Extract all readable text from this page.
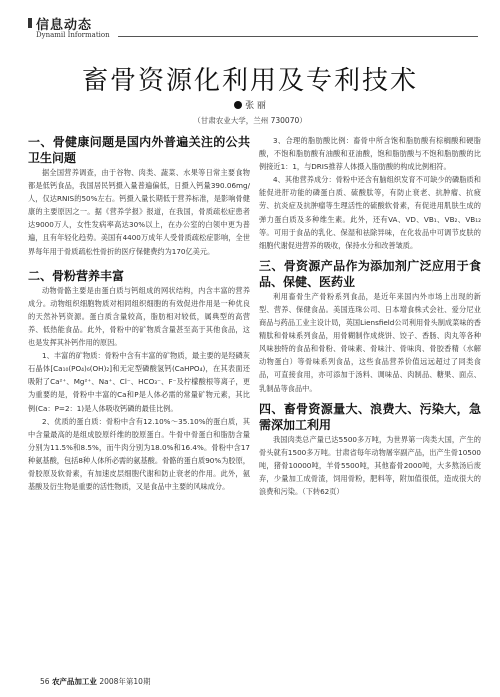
信息动态
Dynamil Information
畜骨资源化利用及专利技术
张 丽
（甘肃农业大学，兰州 730070）

一、骨健康问题是国内外普遍关注的公共卫生问题

据全国营养调查，由于谷物、肉类、蔬菜、水果等日常主要食物都是低钙食品，我国居民钙摄入量普遍偏低，日摄入钙量390.06mg/人，仅达RNIS的50%左右。钙摄入量长期低于营养标准，是影响骨健康的主要原因之一。据《营养学报》报道，在我国，骨质疏松症患者达9000万人，女性发病率高达30%以上，在办公室的白领中更为普遍，且有年轻化趋势。美国有4400万成年人受骨质疏松症影响，全世界每年用于骨质疏松性骨折的医疗保健费约为170亿美元。

二、骨粉营养丰富

动物骨骼主要是由蛋白质与钙组成的网状结构，内含丰富的营养成分。动物组织细胞物质对相同组织细胞的有效促进作用是一种优良的天然补钙资源。蛋白质含量较高，脂肪相对较低，属典型的高营养、低热能食品。此外，骨粉中的矿物质含量甚至高于其他食品，这也是发挥其补钙作用的原因。

1、丰富的矿物质：骨粉中含有丰富的矿物质，最主要的是羟磷灰石晶体[Ca₁₀(PO₄)₆(OH)₂]和无定型磷酸氢钙(CaHPO₄)，在其表面还吸附了Ca²⁺、Mg²⁺、Na⁺、Cl⁻、HCO₃⁻、F⁻及柠檬酸根等离子，更为重要的是，骨粉中丰富的Ca和P是人体必需的常量矿物元素，其比例(Ca：P=2：1)是人体吸收钙磷的最佳比例。

2、优质的蛋白质：骨粉中含有12.10%～35.10%的蛋白质，其中含量最高的是组成胶原纤维的胶原蛋白。牛骨中骨蛋白和脂肪含量分别为11.5%和8.5%，而牛肉分别为18.0%和16.4%。骨粉中含17种氨基酸，包括8种人体所必需的氨基酸。骨骼的蛋白质90%为胶原，骨胶原及软骨素，有加速皮层细胞代谢和防止衰老的作用。此外，氨基酸及衍生物是重要的活性物质，又是食品中主要的风味成分。

3、合理的脂肪酸比例：畜骨中所含饱和脂肪酸有棕榈酸和硬脂酸，不饱和脂肪酸有油酸和亚油酸，饱和脂肪酸与不饱和脂肪酸的比例接近1：1，与DRIS推荐人体摄入脂肪酸的构成比例相符。

4、其他营养成分：骨粉中还含有脑组织发育不可缺少的磷脂质和能促进肝功能的磷蛋白质、硫酸肽等，有防止衰老、抗肿瘤、抗疲劳、抗炎症及抗肿瘤等生理活性的硫酸软骨素，有促进用肌肤生成的弹力蛋白质及多种维生素。此外，还有VA、VD、VB₁、VB₂、VB₁₂等。可用于食品的乳化、保湿和祛除异味，在化妆品中可调节皮肤的细胞代谢促进营养的吸收，保持水分和改善皱质。

三、骨资源产品作为添加剂广泛应用于食品、保健、医药业

利用畜骨生产骨粉系列食品，是近年来国内外市场上出现的新型、营养、保健食品。美国连珠公司、日本增食株式会社、爱分尼业商品与药品工业主设计局，英国Liensfield公司利用骨头制成菜味的香精肽和骨味系列食品，用骨糊制作成烧饼、饺子、香肠、肉丸等各种风味独特的食品和骨粉、骨味素、骨味汁、骨味肉、骨胶香精（水解动物蛋白）等骨味系列食品，这些食品营养价值远远超过了同类食品，可直接食用，亦可添加于汤料、调味品、肉制品、糖果、面点、乳制品等食品中。

四、畜骨资源量大、浪费大、污染大，急需深加工利用

我国肉类总产量已达5500多万吨，为世界第一肉类大国，产生的骨头就有1500多万吨。甘肃省每年动物屠宰副产品，出产生骨10500吨，猪骨10000吨，羊骨5500吨，其他畜骨2000吨，大多熬汤后废弃，少量加工成骨渣，饲用骨粉，肥料等，附加值很低，造成很大的浪费和污染。（下转62页）

56 农产品加工业 2008年第10期
